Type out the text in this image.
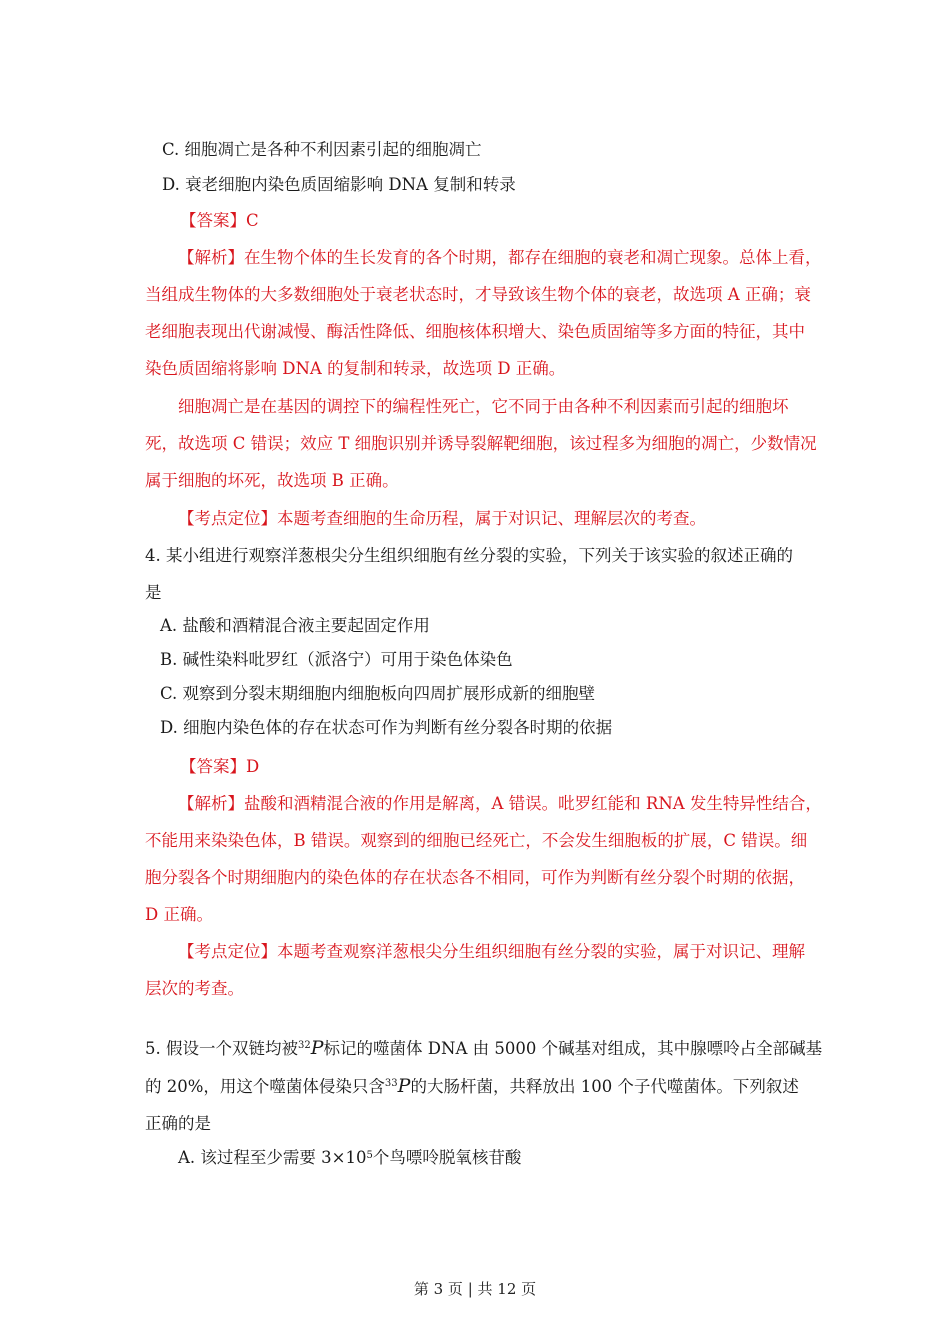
C. 细胞凋亡是各种不利因素引起的细胞凋亡
D. 衰老细胞内染色质固缩影响 DNA 复制和转录
【答案】C
【解析】在生物个体的生长发育的各个时期，都存在细胞的衰老和凋亡现象。总体上看，
当组成生物体的大多数细胞处于衰老状态时，才导致该生物个体的衰老，故选项 A 正确；衰
老细胞表现出代谢减慢、酶活性降低、细胞核体积增大、染色质固缩等多方面的特征，其中
染色质固缩将影响 DNA 的复制和转录，故选项 D 正确。
细胞凋亡是在基因的调控下的编程性死亡，它不同于由各种不利因素而引起的细胞坏
死，故选项 C 错误；效应 T 细胞识别并诱导裂解靶细胞，该过程多为细胞的凋亡，少数情况
属于细胞的坏死，故选项 B 正确。
【考点定位】本题考查细胞的生命历程，属于对识记、理解层次的考查。
4. 某小组进行观察洋葱根尖分生组织细胞有丝分裂的实验，下列关于该实验的叙述正确的
是
A. 盐酸和酒精混合液主要起固定作用
B. 碱性染料吡罗红（派洛宁）可用于染色体染色
C. 观察到分裂末期细胞内细胞板向四周扩展形成新的细胞壁
D. 细胞内染色体的存在状态可作为判断有丝分裂各时期的依据
【答案】D
【解析】盐酸和酒精混合液的作用是解离，A 错误。吡罗红能和 RNA 发生特异性结合，
不能用来染染色体，B 错误。观察到的细胞已经死亡，不会发生细胞板的扩展，C 错误。细
胞分裂各个时期细胞内的染色体的存在状态各不相同，可作为判断有丝分裂个时期的依据，
D 正确。
【考点定位】本题考查观察洋葱根尖分生组织细胞有丝分裂的实验，属于对识记、理解
层次的考查。
5. 假设一个双链均被$^{32}$P标记的噬菌体 DNA 由 5000 个碱基对组成，其中腺嘌呤占全部碱基
的 20%，用这个噬菌体侵染只含$^{33}$P的大肠杆菌，共释放出 100 个子代噬菌体。下列叙述
正确的是
A. 该过程至少需要 $3\times 10^5$个鸟嘌呤脱氧核苷酸
第 3 页 | 共 12 页
